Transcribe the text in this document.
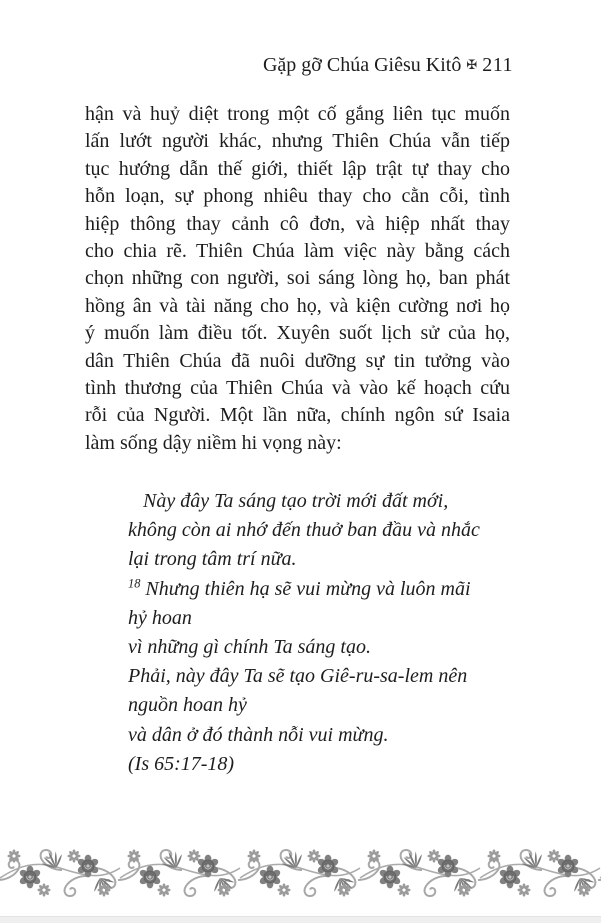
Gặp gỡ Chúa Giêsu Kitô ✠ 211
hận và huỷ diệt trong một cố gắng liên tục muốn
lấn lướt người khác, nhưng Thiên Chúa vẫn tiếp
tục hướng dẫn thế giới, thiết lập trật tự thay cho
hỗn loạn, sự phong nhiêu thay cho cằn cỗi, tình
hiệp thông thay cảnh cô đơn, và hiệp nhất thay
cho chia rẽ. Thiên Chúa làm việc này bằng cách
chọn những con người, soi sáng lòng họ, ban phát
hồng ân và tài năng cho họ, và kiện cường nơi họ
ý muốn làm điều tốt. Xuyên suốt lịch sử của họ,
dân Thiên Chúa đã nuôi dưỡng sự tin tưởng vào
tình thương của Thiên Chúa và vào kế hoạch cứu
rỗi của Người. Một lần nữa, chính ngôn sứ Isaia
làm sống dậy niềm hi vọng này:
Này đây Ta sáng tạo trời mới đất mới,
không còn ai nhớ đến thuở ban đầu và nhắc
lại trong tâm trí nữa.
$^{18}$ Nhưng thiên hạ sẽ vui mừng và luôn mãi
hỷ hoan
vì những gì chính Ta sáng tạo.
Phải, này đây Ta sẽ tạo Giê-ru-sa-lem nên
nguồn hoan hỷ
và dân ở đó thành nỗi vui mừng.
(Is 65:17-18)
